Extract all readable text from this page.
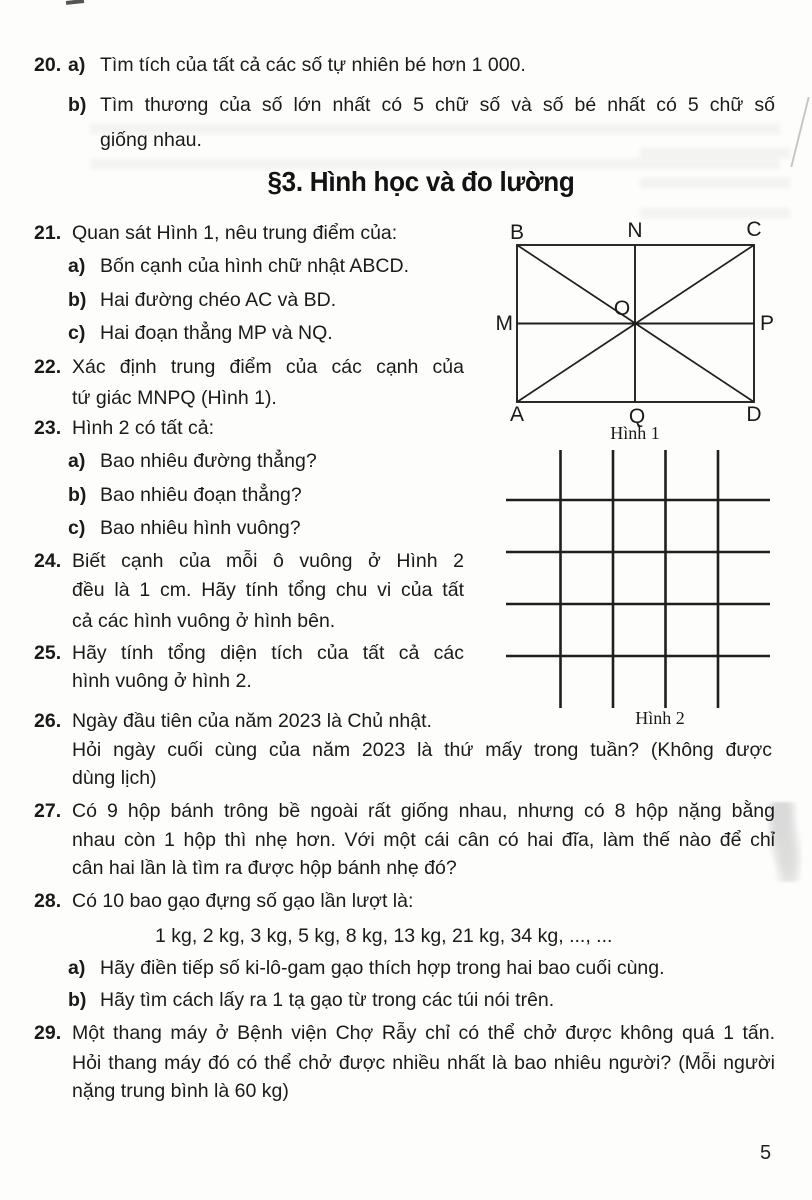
20. a) Tìm tích của tất cả các số tự nhiên bé hơn 1 000.
b) Tìm thương của số lớn nhất có 5 chữ số và số bé nhất có 5 chữ số
giống nhau.
§3. Hình học và đo lường
21. Quan sát Hình 1, nêu trung điểm của:
a) Bốn cạnh của hình chữ nhật ABCD.
b) Hai đường chéo AC và BD.
c) Hai đoạn thẳng MP và NQ.
22. Xác định trung điểm của các cạnh của
tứ giác MNPQ (Hình 1).
23. Hình 2 có tất cả:
a) Bao nhiêu đường thẳng?
b) Bao nhiêu đoạn thẳng?
c) Bao nhiêu hình vuông?
24. Biết cạnh của mỗi ô vuông ở Hình 2
đều là 1 cm. Hãy tính tổng chu vi của tất
cả các hình vuông ở hình bên.
25. Hãy tính tổng diện tích của tất cả các
hình vuông ở hình 2.
26. Ngày đầu tiên của năm 2023 là Chủ nhật.
Hỏi ngày cuối cùng của năm 2023 là thứ mấy trong tuần? (Không được
dùng lịch)
27. Có 9 hộp bánh trông bề ngoài rất giống nhau, nhưng có 8 hộp nặng bằng
nhau còn 1 hộp thì nhẹ hơn. Với một cái cân có hai đĩa, làm thế nào để chỉ
cân hai lần là tìm ra được hộp bánh nhẹ đó?
28. Có 10 bao gạo đựng số gạo lần lượt là:
1 kg, 2 kg, 3 kg, 5 kg, 8 kg, 13 kg, 21 kg, 34 kg, ..., ...
a) Hãy điền tiếp số ki-lô-gam gạo thích hợp trong hai bao cuối cùng.
b) Hãy tìm cách lấy ra 1 tạ gạo từ trong các túi nói trên.
29. Một thang máy ở Bệnh viện Chợ Rẫy chỉ có thể chở được không quá 1 tấn.
Hỏi thang máy đó có thể chở được nhiều nhất là bao nhiêu người? (Mỗi người
nặng trung bình là 60 kg)
B	N	C
M
O
P
A	Q	D
Hình 1
Hình 2
5
